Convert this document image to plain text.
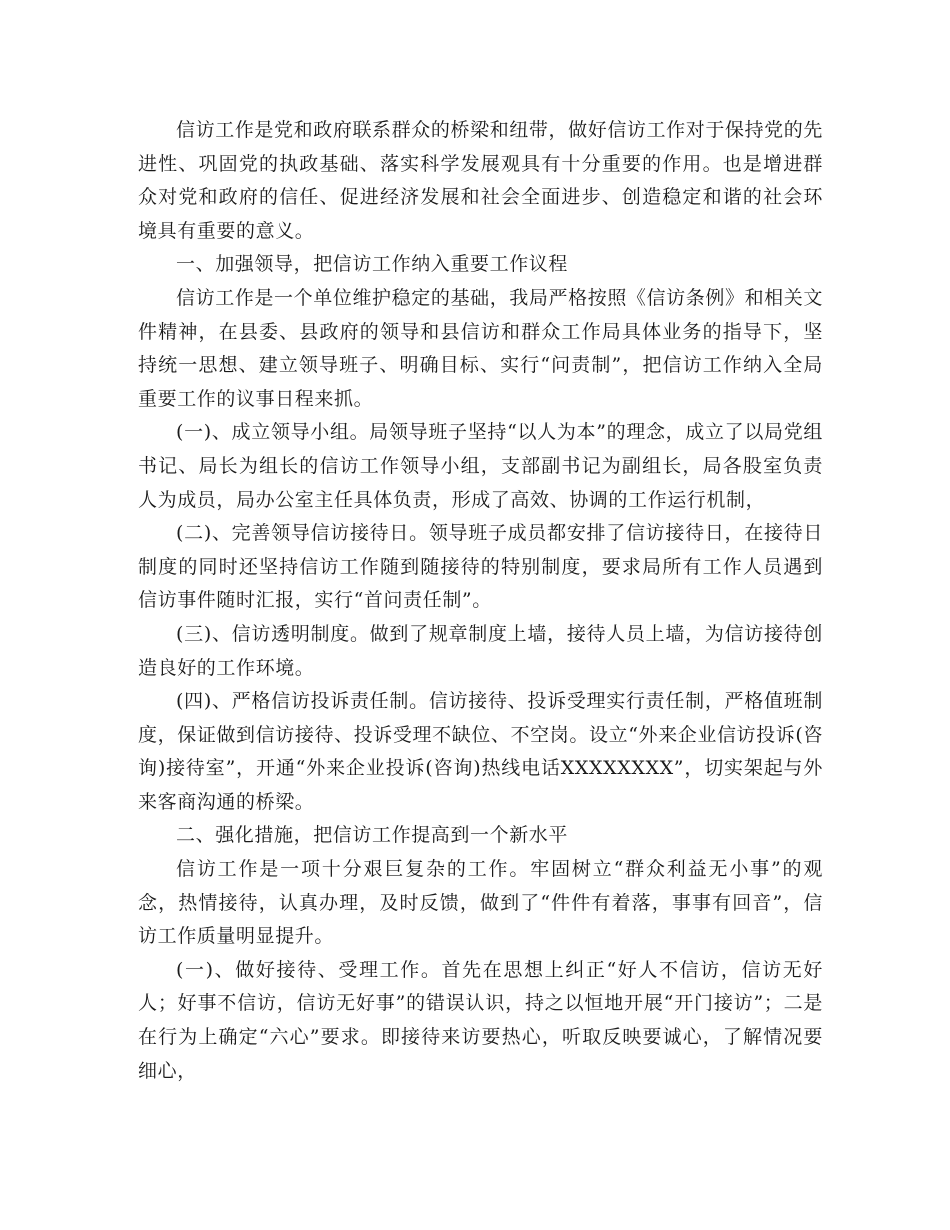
信访工作是党和政府联系群众的桥梁和纽带，做好信访工作对于保持党的先进性、巩固党的执政基础、落实科学发展观具有十分重要的作用。也是增进群众对党和政府的信任、促进经济发展和社会全面进步、创造稳定和谐的社会环境具有重要的意义。

一、加强领导，把信访工作纳入重要工作议程

信访工作是一个单位维护稳定的基础，我局严格按照《信访条例》和相关文件精神，在县委、县政府的领导和县信访和群众工作局具体业务的指导下，坚持统一思想、建立领导班子、明确目标、实行“问责制”，把信访工作纳入全局重要工作的议事日程来抓。

(一)、成立领导小组。局领导班子坚持“以人为本”的理念，成立了以局党组书记、局长为组长的信访工作领导小组，支部副书记为副组长，局各股室负责人为成员，局办公室主任具体负责，形成了高效、协调的工作运行机制，

(二)、完善领导信访接待日。领导班子成员都安排了信访接待日，在接待日制度的同时还坚持信访工作随到随接待的特别制度，要求局所有工作人员遇到信访事件随时汇报，实行“首问责任制”。

(三)、信访透明制度。做到了规章制度上墙，接待人员上墙，为信访接待创造良好的工作环境。

(四)、严格信访投诉责任制。信访接待、投诉受理实行责任制，严格值班制度，保证做到信访接待、投诉受理不缺位、不空岗。设立“外来企业信访投诉(咨询)接待室”，开通“外来企业投诉(咨询)热线电话XXXXXXXX”，切实架起与外来客商沟通的桥梁。

二、强化措施，把信访工作提高到一个新水平

信访工作是一项十分艰巨复杂的工作。牢固树立“群众利益无小事”的观念，热情接待，认真办理，及时反馈，做到了“件件有着落，事事有回音”，信访工作质量明显提升。

(一)、做好接待、受理工作。首先在思想上纠正“好人不信访，信访无好人；好事不信访，信访无好事”的错误认识，持之以恒地开展“开门接访”；二是在行为上确定“六心”要求。即接待来访要热心，听取反映要诚心，了解情况要细心，
